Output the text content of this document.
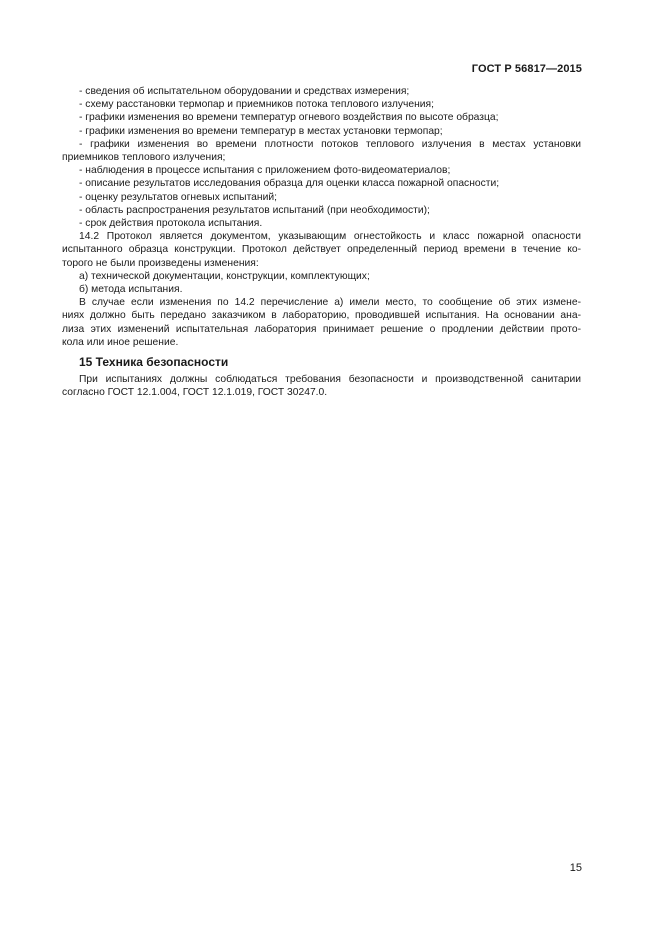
ГОСТ Р 56817—2015

- сведения об испытательном оборудовании и средствах измерения;

- схему расстановки термопар и приемников потока теплового излучения;

- графики изменения во времени температур огневого воздействия по высоте образца;

- графики изменения во времени температур в местах установки термопар;

- графики изменения во времени плотности потоков теплового излучения в местах установки

приемников теплового излучения;

- наблюдения в процессе испытания с приложением фото-видеоматериалов;

- описание результатов исследования образца для оценки класса пожарной опасности;

- оценку результатов огневых испытаний;

- область распространения результатов испытаний (при необходимости);

- срок действия протокола испытания.

14.2 Протокол является документом, указывающим огнестойкость и класс пожарной опасности

испытанного образца конструкции. Протокол действует определенный период времени в течение ко-

торого не были произведены изменения:

а) технической документации, конструкции, комплектующих;

б) метода испытания.

В случае если изменения по 14.2 перечисление а) имели место, то сообщение об этих измене-

ниях должно быть передано заказчиком в лабораторию, проводившей испытания. На основании ана-

лиза этих изменений испытательная лаборатория принимает решение о продлении действии прото-

кола или иное решение.

15 Техника безопасности

При испытаниях должны соблюдаться требования безопасности и производственной санитарии

согласно ГОСТ 12.1.004, ГОСТ 12.1.019, ГОСТ 30247.0.

15
